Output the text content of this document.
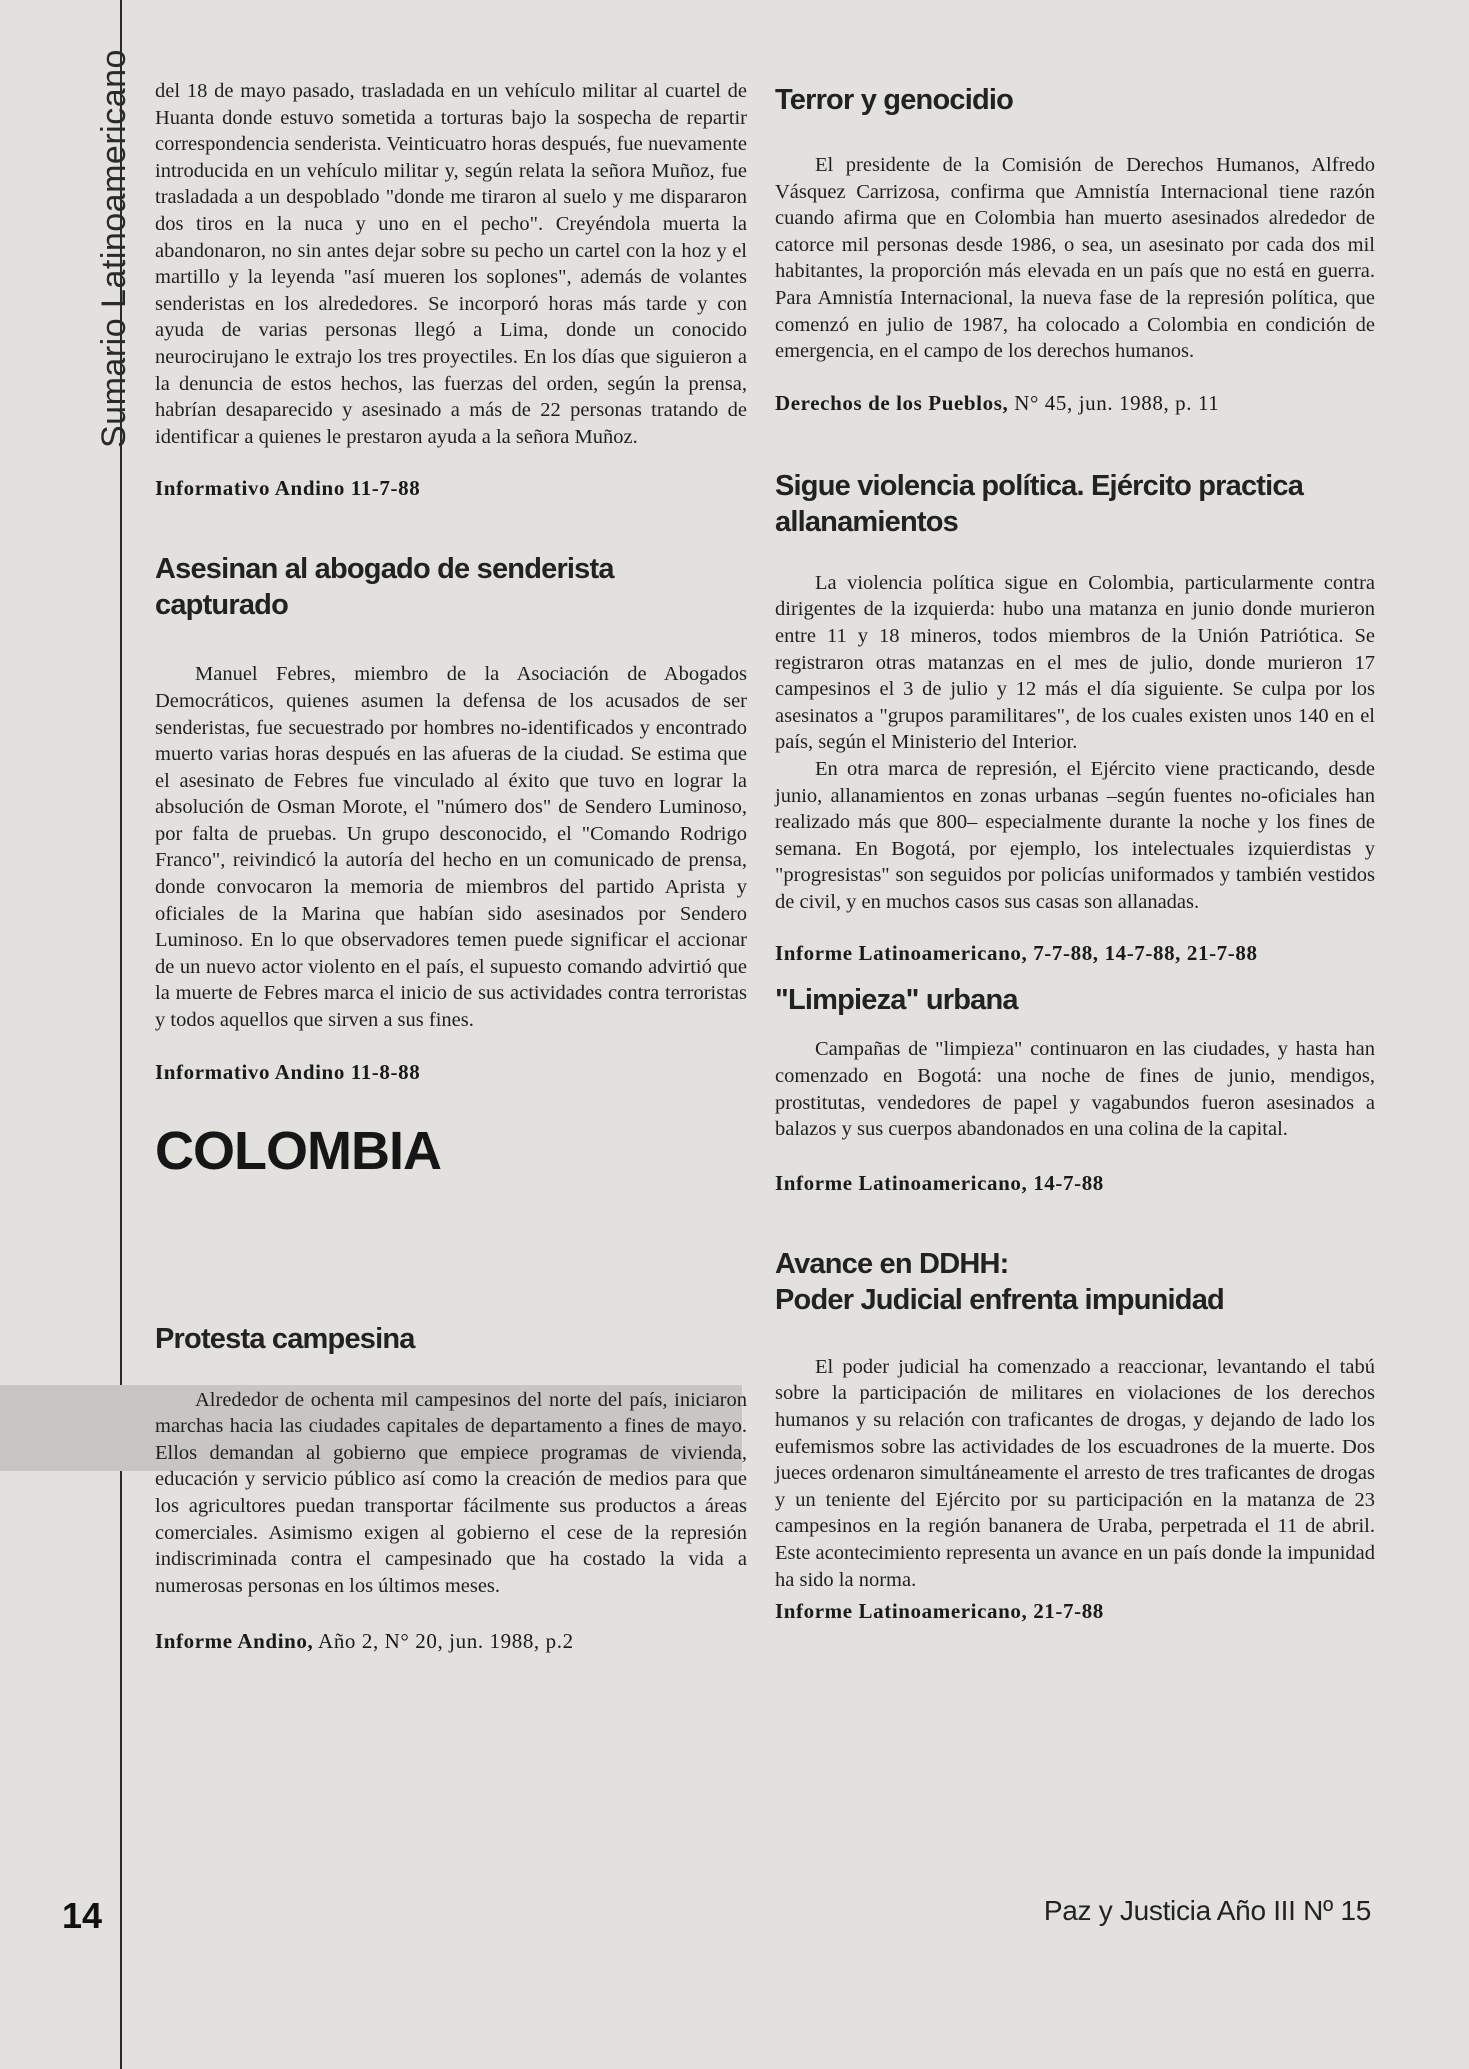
Sumario Latinoamericano
14

del 18 de mayo pasado, trasladada en un vehículo militar al cuartel de Huanta donde estuvo sometida a torturas bajo la sospecha de repartir correspondencia senderista. Veinticuatro horas después, fue nuevamente introducida en un vehículo militar y, según relata la señora Muñoz, fue trasladada a un despoblado "donde me tiraron al suelo y me dispararon dos tiros en la nuca y uno en el pecho". Creyéndola muerta la abandonaron, no sin antes dejar sobre su pecho un cartel con la hoz y el martillo y la leyenda "así mueren los soplones", además de volantes senderistas en los alrededores. Se incorporó horas más tarde y con ayuda de varias personas llegó a Lima, donde un conocido neurocirujano le extrajo los tres proyectiles. En los días que siguieron a la denuncia de estos hechos, las fuerzas del orden, según la prensa, habrían desaparecido y asesinado a más de 22 personas tratando de identificar a quienes le prestaron ayuda a la señora Muñoz.

Informativo Andino 11-7-88

Asesinan al abogado de senderista capturado

Manuel Febres, miembro de la Asociación de Abogados Democráticos, quienes asumen la defensa de los acusados de ser senderistas, fue secuestrado por hombres no-identificados y encontrado muerto varias horas después en las afueras de la ciudad. Se estima que el asesinato de Febres fue vinculado al éxito que tuvo en lograr la absolución de Osman Morote, el "número dos" de Sendero Luminoso, por falta de pruebas. Un grupo desconocido, el "Comando Rodrigo Franco", reivindicó la autoría del hecho en un comunicado de prensa, donde convocaron la memoria de miembros del partido Aprista y oficiales de la Marina que habían sido asesinados por Sendero Luminoso. En lo que observadores temen puede significar el accionar de un nuevo actor violento en el país, el supuesto comando advirtió que la muerte de Febres marca el inicio de sus actividades contra terroristas y todos aquellos que sirven a sus fines.

Informativo Andino 11-8-88

COLOMBIA
Protesta campesina

Alrededor de ochenta mil campesinos del norte del país, iniciaron marchas hacia las ciudades capitales de departamento a fines de mayo. Ellos demandan al gobierno que empiece programas de vivienda, educación y servicio público así como la creación de medios para que los agricultores puedan transportar fácilmente sus productos a áreas comerciales. Asimismo exigen al gobierno el cese de la represión indiscriminada contra el campesinado que ha costado la vida a numerosas personas en los últimos meses.

Informe Andino, Año 2, N° 20, jun. 1988, p.2

Terror y genocidio

El presidente de la Comisión de Derechos Humanos, Alfredo Vásquez Carrizosa, confirma que Amnistía Internacional tiene razón cuando afirma que en Colombia han muerto asesinados alrededor de catorce mil personas desde 1986, o sea, un asesinato por cada dos mil habitantes, la proporción más elevada en un país que no está en guerra. Para Amnistía Internacional, la nueva fase de la represión política, que comenzó en julio de 1987, ha colocado a Colombia en condición de emergencia, en el campo de los derechos humanos.

Derechos de los Pueblos, N° 45, jun. 1988, p. 11

Sigue violencia política. Ejército practica allanamientos

La violencia política sigue en Colombia, particularmente contra dirigentes de la izquierda: hubo una matanza en junio donde murieron entre 11 y 18 mineros, todos miembros de la Unión Patriótica. Se registraron otras matanzas en el mes de julio, donde murieron 17 campesinos el 3 de julio y 12 más el día siguiente. Se culpa por los asesinatos a "grupos paramilitares", de los cuales existen unos 140 en el país, según el Ministerio del Interior.

En otra marca de represión, el Ejército viene practicando, desde junio, allanamientos en zonas urbanas –según fuentes no-oficiales han realizado más que 800– especialmente durante la noche y los fines de semana. En Bogotá, por ejemplo, los intelectuales izquierdistas y "progresistas" son seguidos por policías uniformados y también vestidos de civil, y en muchos casos sus casas son allanadas.

Informe Latinoamericano, 7-7-88, 14-7-88, 21-7-88

"Limpieza" urbana

Campañas de "limpieza" continuaron en las ciudades, y hasta han comenzado en Bogotá: una noche de fines de junio, mendigos, prostitutas, vendedores de papel y vagabundos fueron asesinados a balazos y sus cuerpos abandonados en una colina de la capital.

Informe Latinoamericano, 14-7-88

Avance en DDHH:
Poder Judicial enfrenta impunidad

El poder judicial ha comenzado a reaccionar, levantando el tabú sobre la participación de militares en violaciones de los derechos humanos y su relación con traficantes de drogas, y dejando de lado los eufemismos sobre las actividades de los escuadrones de la muerte. Dos jueces ordenaron simultáneamente el arresto de tres traficantes de drogas y un teniente del Ejército por su participación en la matanza de 23 campesinos en la región bananera de Uraba, perpetrada el 11 de abril. Este acontecimiento representa un avance en un país donde la impunidad ha sido la norma.

Informe Latinoamericano, 21-7-88

Paz y Justicia Año III Nº 15
